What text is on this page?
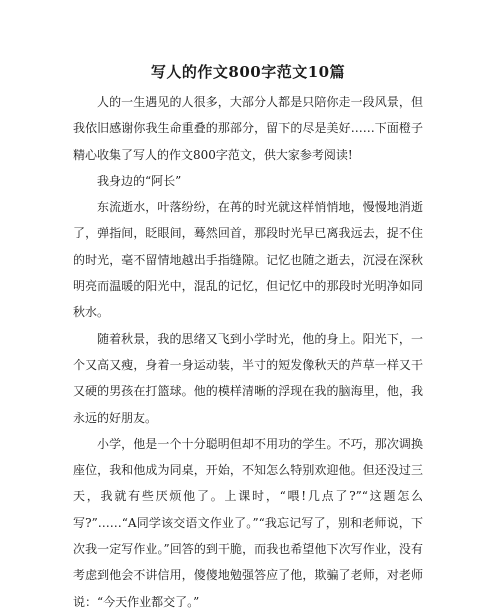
写人的作文800字范文10篇

人的一生遇见的人很多，大部分人都是只陪你走一段风景，但我依旧感谢你我生命重叠的那部分，留下的尽是美好……下面橙子精心收集了写人的作文800字范文，供大家参考阅读!

我身边的“阿长”

东流逝水，叶落纷纷，在苒的时光就这样悄悄地，慢慢地消逝了，弹指间，眨眼间，蓦然回首，那段时光早已离我远去，捉不住的时光，毫不留情地越出手指缝隙。记忆也随之逝去，沉浸在深秋明亮而温暖的阳光中，混乱的记忆，但记忆中的那段时光明净如同秋水。

随着秋景，我的思绪又飞到小学时光，他的身上。阳光下，一个又高又瘦，身着一身运动装，半寸的短发像秋天的芦草一样又干又硬的男孩在打篮球。他的模样清晰的浮现在我的脑海里，他，我永远的好朋友。

小学，他是一个十分聪明但却不用功的学生。不巧，那次调换座位，我和他成为同桌，开始，不知怎么特别欢迎他。但还没过三天，我就有些厌烦他了。上课时，“喂!几点了?”“这题怎么写?”……“A同学该交语文作业了。”“我忘记写了，别和老师说，下次我一定写作业。”回答的到干脆，而我也希望他下次写作业，没有考虑到他会不讲信用，傻傻地勉强答应了他，欺骗了老师，对老师说：“今天作业都交了。”
